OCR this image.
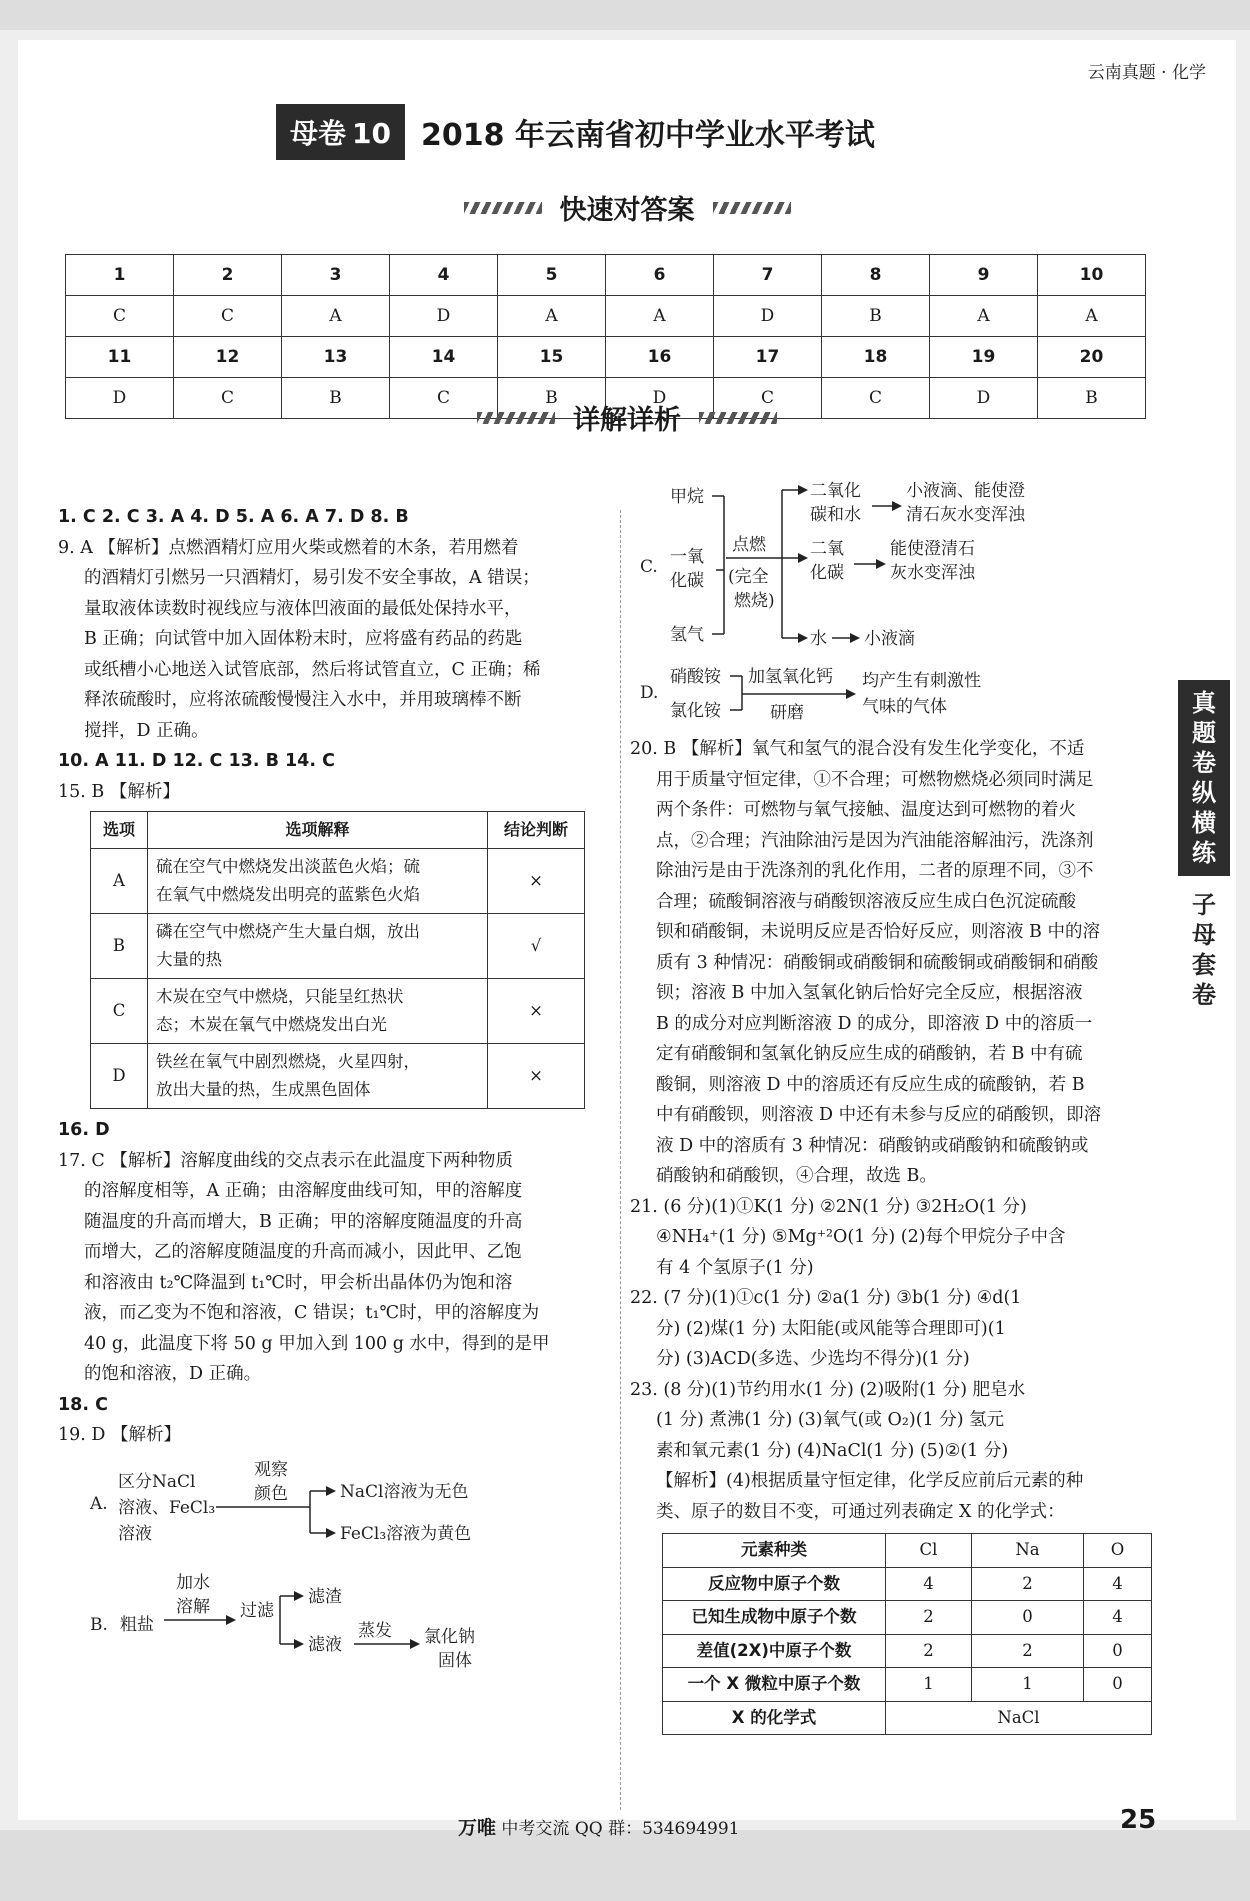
云南真题 · 化学
母卷 10	2018 年云南省初中学业水平考试
快速对答案
1	2	3	4	5	6	7	8	9	10
C	C	A	D	A	A	D	B	A	A
11	12	13	14	15	16	17	18	19	20
D	C	B	C	B	D	C	C	D	B
详解详析
1. C 2. C 3. A 4. D 5. A 6. A 7. D 8. B
9. A 【解析】点燃酒精灯应用火柴或燃着的木条，若用燃着
的酒精灯引燃另一只酒精灯，易引发不安全事故，A 错误；
量取液体读数时视线应与液体凹液面的最低处保持水平，
B 正确；向试管中加入固体粉末时，应将盛有药品的药匙
或纸槽小心地送入试管底部，然后将试管直立，C 正确；稀
释浓硫酸时，应将浓硫酸慢慢注入水中，并用玻璃棒不断
搅拌，D 正确。
10. A 11. D 12. C 13. B 14. C
15. B 【解析】
选项	选项解释	结论判断
A	硫在空气中燃烧发出淡蓝色火焰；硫
在氧气中燃烧发出明亮的蓝紫色火焰	×
B	磷在空气中燃烧产生大量白烟，放出
大量的热	√
C	木炭在空气中燃烧，只能呈红热状
态；木炭在氧气中燃烧发出白光	×
D	铁丝在氧气中剧烈燃烧，火星四射，
放出大量的热，生成黑色固体	×
16. D
17. C 【解析】溶解度曲线的交点表示在此温度下两种物质
的溶解度相等，A 正确；由溶解度曲线可知，甲的溶解度
随温度的升高而增大，B 正确；甲的溶解度随温度的升高
而增大，乙的溶解度随温度的升高而减小，因此甲、乙饱
和溶液由 t₂℃降温到 t₁℃时，甲会析出晶体仍为饱和溶
液，而乙变为不饱和溶液，C 错误；t₁℃时，甲的溶解度为
40 g，此温度下将 50 g 甲加入到 100 g 水中，得到的是甲
的饱和溶液，D 正确。
18. C
19. D 【解析】
A.
区分NaCl
溶液、FeCl₃
溶液
观察
颜色	NaCl溶液为无色
FeCl₃溶液为黄色
B. 粗盐
加水
溶解 过滤
滤渣
滤液
蒸发 氯化钠
固体
C.
甲烷
一氧
化碳
氢气
点燃
(完全
燃烧)
二氧化
碳和水
小液滴、能使澄
清石灰水变浑浊
二氧
化碳
能使澄清石
灰水变浑浊
水 小液滴
D.
硝酸铵
氯化铵
加氢氧化钙
研磨
均产生有刺激性
气味的气体
20. B 【解析】氧气和氢气的混合没有发生化学变化，不适
用于质量守恒定律，①不合理；可燃物燃烧必须同时满足
两个条件：可燃物与氧气接触、温度达到可燃物的着火
点，②合理；汽油除油污是因为汽油能溶解油污，洗涤剂
除油污是由于洗涤剂的乳化作用，二者的原理不同，③不
合理；硫酸铜溶液与硝酸钡溶液反应生成白色沉淀硫酸
钡和硝酸铜，未说明反应是否恰好反应，则溶液 B 中的溶
质有 3 种情况：硝酸铜或硝酸铜和硫酸铜或硝酸铜和硝酸
钡；溶液 B 中加入氢氧化钠后恰好完全反应，根据溶液
B 的成分对应判断溶液 D 的成分，即溶液 D 中的溶质一
定有硝酸铜和氢氧化钠反应生成的硝酸钠，若 B 中有硫
酸铜，则溶液 D 中的溶质还有反应生成的硫酸钠，若 B
中有硝酸钡，则溶液 D 中还有未参与反应的硝酸钡，即溶
液 D 中的溶质有 3 种情况：硝酸钠或硝酸钠和硫酸钠或
硝酸钠和硝酸钡，④合理，故选 B。
21. (6 分)(1)①K(1 分) ②2N(1 分) ③2H₂O(1 分)
④NH₄⁺(1 分) ⑤Mg⁺²O(1 分) (2)每个甲烷分子中含
有 4 个氢原子(1 分)
22. (7 分)(1)①c(1 分) ②a(1 分) ③b(1 分) ④d(1
分) (2)煤(1 分) 太阳能(或风能等合理即可)(1
分) (3)ACD(多选、少选均不得分)(1 分)
23. (8 分)(1)节约用水(1 分) (2)吸附(1 分) 肥皂水
(1 分) 煮沸(1 分) (3)氧气(或 O₂)(1 分) 氢元
素和氧元素(1 分) (4)NaCl(1 分) (5)②(1 分)
【解析】(4)根据质量守恒定律，化学反应前后元素的种
类、原子的数目不变，可通过列表确定 X 的化学式：
元素种类	Cl	Na	O
反应物中原子个数	4	2	4
已知生成物中原子个数	2	0	4
差值(2X)中原子个数	2	2	0
一个 X 微粒中原子个数	1	1	0
X 的化学式	NaCl		
真
题
卷
纵
横
练
子
母
套
卷
万唯 中考交流 QQ 群：534694991	25
